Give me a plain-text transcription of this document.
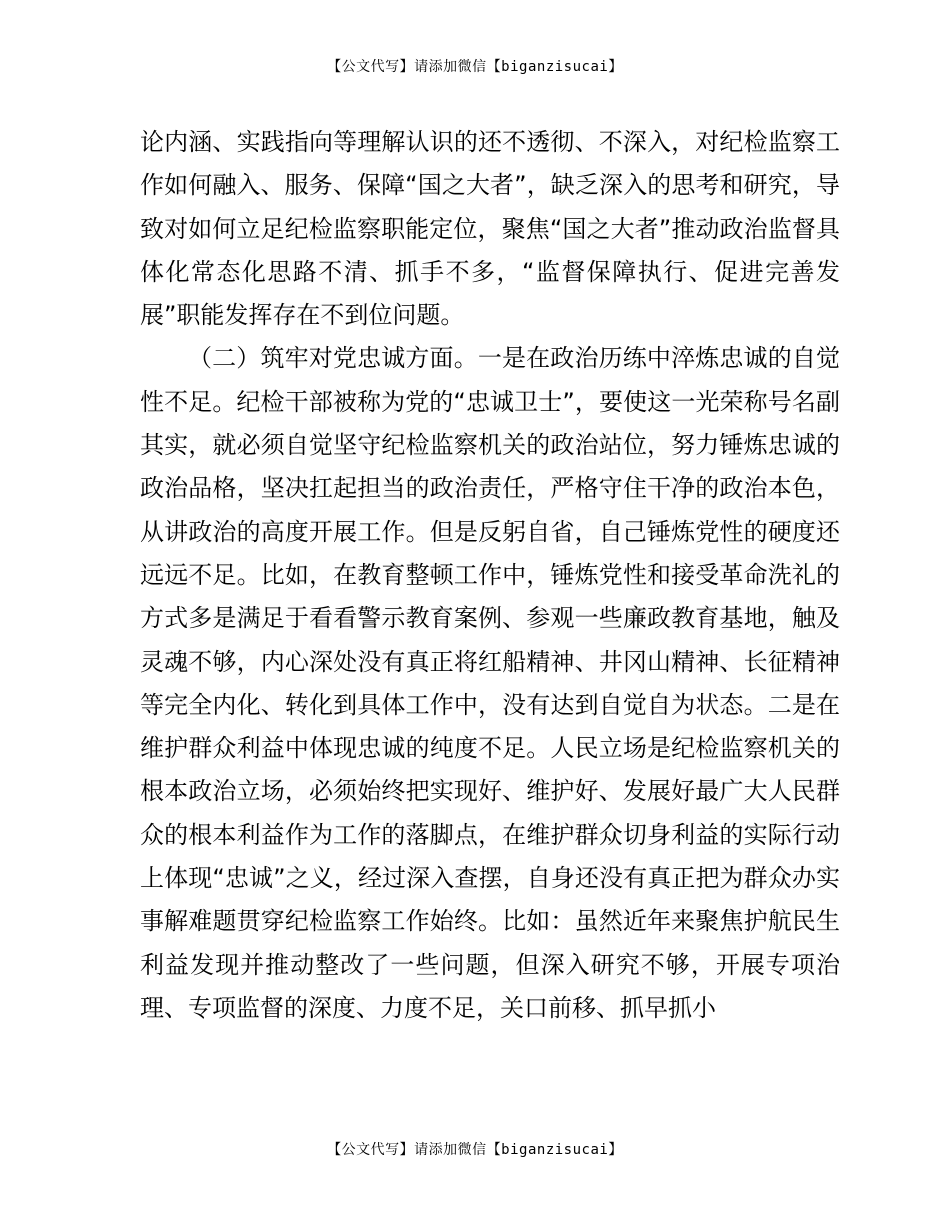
【公文代写】请添加微信【biganzisucai】

论内涵、实践指向等理解认识的还不透彻、不深入，对纪检监察工作如何融入、服务、保障“国之大者”，缺乏深入的思考和研究，导致对如何立足纪检监察职能定位，聚焦“国之大者”推动政治监督具体化常态化思路不清、抓手不多，“监督保障执行、促进完善发展”职能发挥存在不到位问题。

（二）筑牢对党忠诚方面。一是在政治历练中淬炼忠诚的自觉性不足。纪检干部被称为党的“忠诚卫士”，要使这一光荣称号名副其实，就必须自觉坚守纪检监察机关的政治站位，努力锤炼忠诚的政治品格，坚决扛起担当的政治责任，严格守住干净的政治本色，从讲政治的高度开展工作。但是反躬自省，自己锤炼党性的硬度还远远不足。比如，在教育整顿工作中，锤炼党性和接受革命洗礼的方式多是满足于看看警示教育案例、参观一些廉政教育基地，触及灵魂不够，内心深处没有真正将红船精神、井冈山精神、长征精神等完全内化、转化到具体工作中，没有达到自觉自为状态。二是在维护群众利益中体现忠诚的纯度不足。人民立场是纪检监察机关的根本政治立场，必须始终把实现好、维护好、发展好最广大人民群众的根本利益作为工作的落脚点，在维护群众切身利益的实际行动上体现“忠诚”之义，经过深入查摆，自身还没有真正把为群众办实事解难题贯穿纪检监察工作始终。比如：虽然近年来聚焦护航民生利益发现并推动整改了一些问题，但深入研究不够，开展专项治理、专项监督的深度、力度不足，关口前移、抓早抓小

【公文代写】请添加微信【biganzisucai】
